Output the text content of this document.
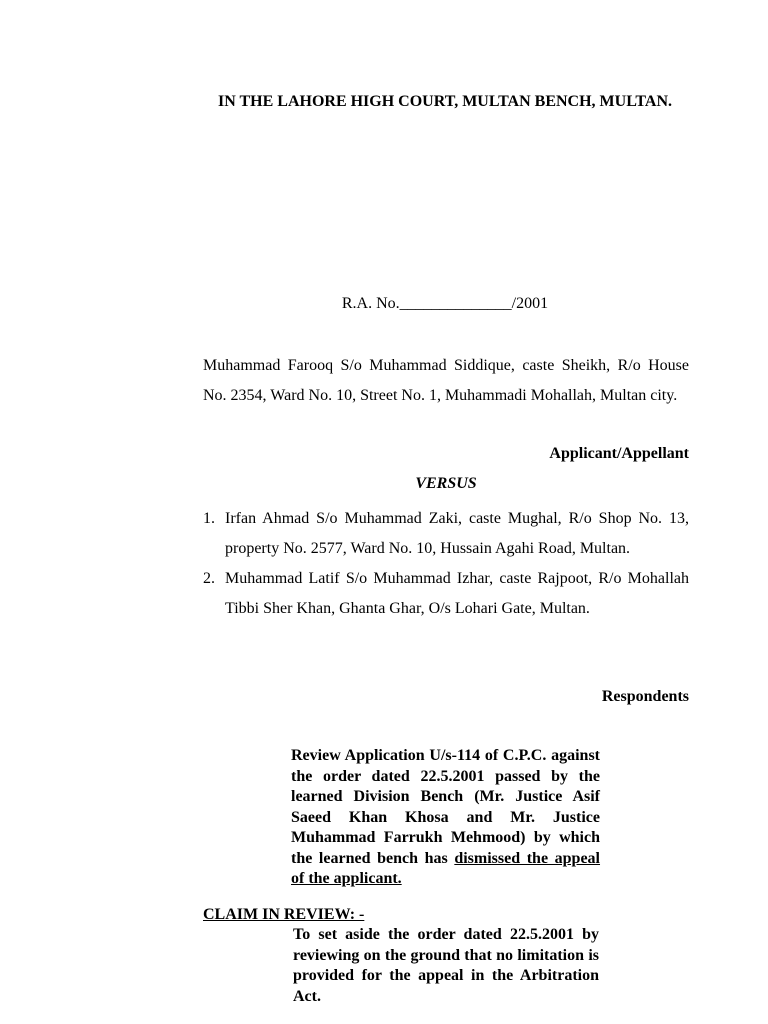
IN THE LAHORE HIGH COURT, MULTAN BENCH, MULTAN.
R.A. No.______________/2001
Muhammad Farooq S/o Muhammad Siddique, caste Sheikh, R/o House No. 2354, Ward No. 10, Street No. 1, Muhammadi Mohallah, Multan city.
Applicant/Appellant
VERSUS
1. Irfan Ahmad S/o Muhammad Zaki, caste Mughal, R/o Shop No. 13, property No. 2577, Ward No. 10, Hussain Agahi Road, Multan.
2. Muhammad Latif S/o Muhammad Izhar, caste Rajpoot, R/o Mohallah Tibbi Sher Khan, Ghanta Ghar, O/s Lohari Gate, Multan.
Respondents
Review Application U/s-114 of C.P.C. against the order dated 22.5.2001 passed by the learned Division Bench (Mr. Justice Asif Saeed Khan Khosa and Mr. Justice Muhammad Farrukh Mehmood) by which the learned bench has dismissed the appeal of the applicant.
CLAIM IN REVIEW: -
To set aside the order dated 22.5.2001 by reviewing on the ground that no limitation is provided for the appeal in the Arbitration Act.
